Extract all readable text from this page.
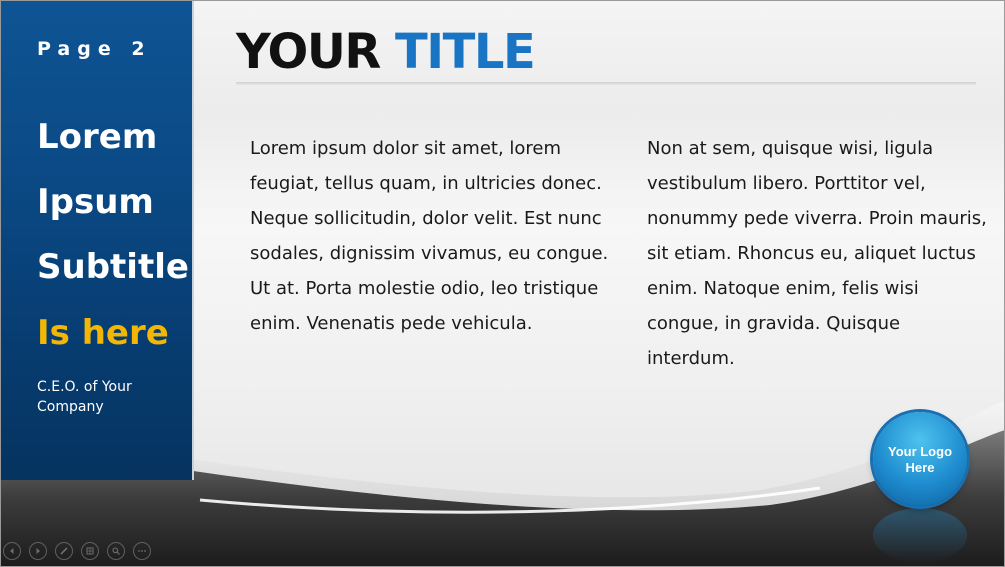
Page 2
Lorem
Ipsum
Subtitle
Is here
C.E.O. of Your Company
YOUR TITLE
Lorem ipsum dolor sit amet, lorem feugiat, tellus quam, in ultricies donec. Neque sollicitudin, dolor velit. Est nunc sodales, dignissim vivamus, eu congue. Ut at. Porta molestie odio, leo tristique enim. Venenatis pede vehicula.
Non at sem, quisque wisi, ligula vestibulum libero. Porttitor vel, nonummy pede viverra. Proin mauris, sit etiam. Rhoncus eu, aliquet luctus enim. Natoque enim, felis wisi congue, in gravida. Quisque interdum.
Your Logo Here
